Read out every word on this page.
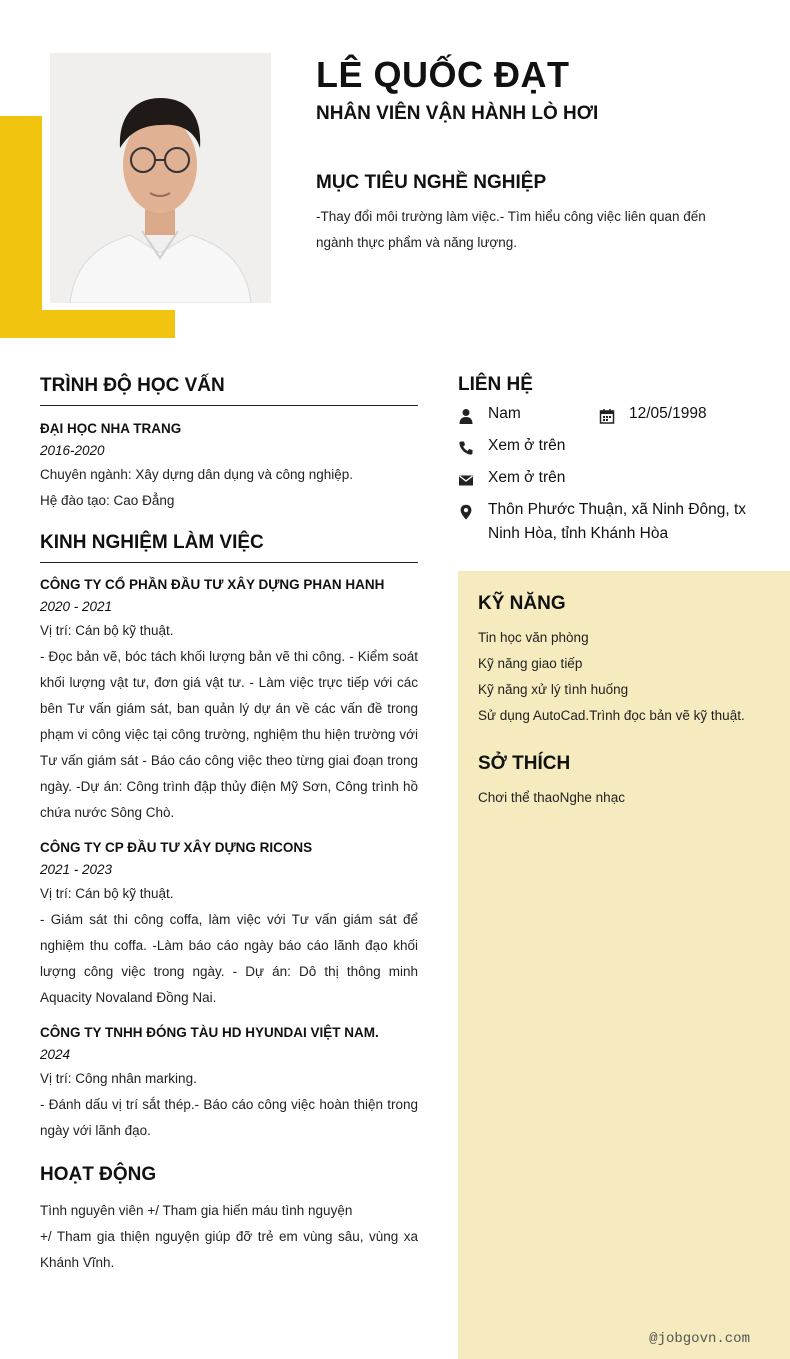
LÊ QUỐC ĐẠT
NHÂN VIÊN VẬN HÀNH LÒ HƠI
MỤC TIÊU NGHỀ NGHIỆP

-Thay đổi môi trường làm việc.- Tìm hiểu công việc liên quan đến ngành thực phẩm và năng lượng.

TRÌNH ĐỘ HỌC VẤN
ĐẠI HỌC NHA TRANG
2016-2020
Chuyên ngành: Xây dựng dân dụng và công nghiệp.
Hệ đào tạo: Cao Đẳng
KINH NGHIỆM LÀM VIỆC
CÔNG TY CỔ PHẦN ĐẦU TƯ XÂY DỰNG PHAN HANH
2020 - 2021
Vị trí: Cán bộ kỹ thuật.
- Đọc bản vẽ, bóc tách khối lượng bản vẽ thi công. - Kiểm soát khối lượng vật tư, đơn giá vật tư. - Làm việc trực tiếp với các bên Tư vấn giám sát, ban quản lý dự án về các vấn đề trong phạm vi công việc tại công trường, nghiệm thu hiện trường với Tư vấn giám sát - Báo cáo công việc theo từng giai đoạn trong ngày. -Dự án: Công trình đập thủy điện Mỹ Sơn, Công trình hồ chứa nước Sông Chò.
CÔNG TY CP ĐẦU TƯ XÂY DỰNG RICONS
2021 - 2023
Vị trí: Cán bộ kỹ thuật.
- Giám sát thi công coffa, làm việc với Tư vấn giám sát để nghiệm thu coffa. -Làm báo cáo ngày báo cáo lãnh đạo khối lượng công việc trong ngày. - Dự án: Dô thị thông minh Aquacity Novaland Đồng Nai.
CÔNG TY TNHH ĐÓNG TÀU HD HYUNDAI VIỆT NAM.
2024
Vị trí: Công nhân marking.
- Đánh dấu vị trí sắt thép.- Báo cáo công việc hoàn thiện trong ngày với lãnh đạo.
HOẠT ĐỘNG
Tình nguyên viên +/ Tham gia hiến máu tình nguyện
+/ Tham gia thiện nguyện giúp đỡ trẻ em vùng sâu, vùng xa Khánh Vĩnh.
LIÊN HỆ
Nam	12/05/1998
Xem ở trên
Xem ở trên
Thôn Phước Thuận, xã Ninh Đông, tx Ninh Hòa, tỉnh Khánh Hòa
KỸ NĂNG
Tin học văn phòng
Kỹ năng giao tiếp
Kỹ năng xử lý tình huống
Sử dụng AutoCad.Trình đọc bản vẽ kỹ thuật.
SỞ THÍCH
Chơi thể thaoNghe nhạc
@jobgovn.com
